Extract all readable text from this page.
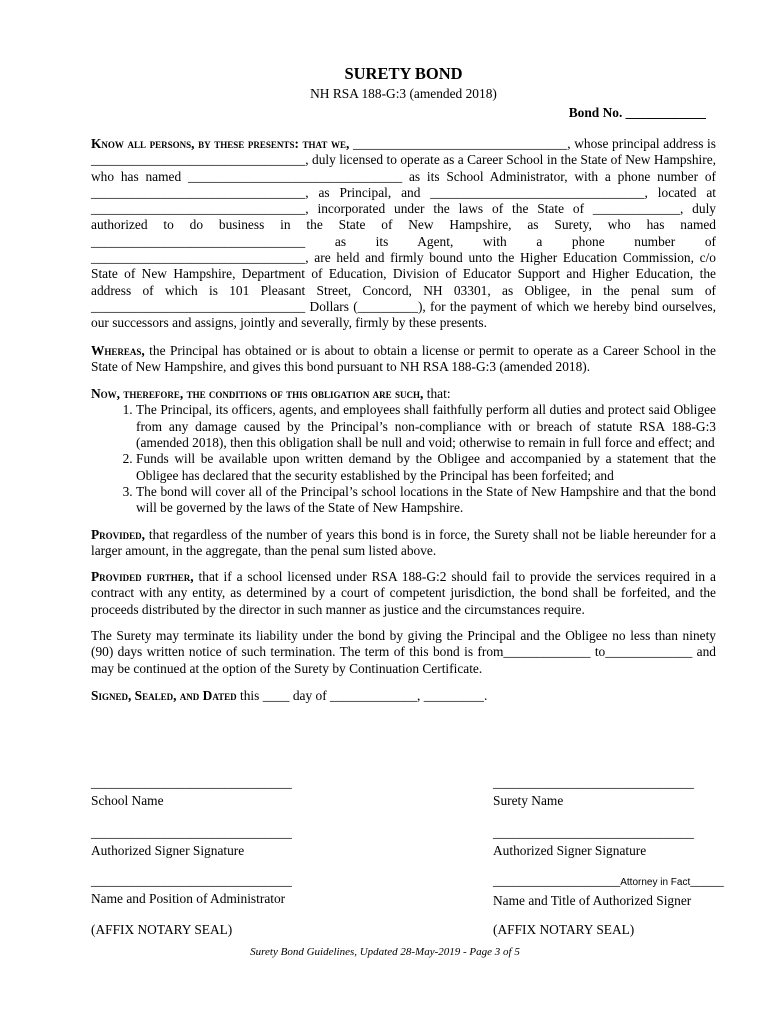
SURETY BOND
NH RSA 188-G:3 (amended 2018)
Bond No. ____________

Know all persons, by these presents: that we, ________________________________, whose principal address is ________________________________, duly licensed to operate as a Career School in the State of New Hampshire, who has named ________________________________ as its School Administrator, with a phone number of ________________________________, as Principal, and ________________________________, located at ________________________________, incorporated under the laws of the State of _____________, duly authorized to do business in the State of New Hampshire, as Surety, who has named ________________________________ as its Agent, with a phone number of ________________________________, are held and firmly bound unto the Higher Education Commission, c/o State of New Hampshire, Department of Education, Division of Educator Support and Higher Education, the address of which is 101 Pleasant Street, Concord, NH 03301, as Obligee, in the penal sum of ________________________________ Dollars (_________), for the payment of which we hereby bind ourselves, our successors and assigns, jointly and severally, firmly by these presents.

Whereas, the Principal has obtained or is about to obtain a license or permit to operate as a Career School in the State of New Hampshire, and gives this bond pursuant to NH RSA 188-G:3 (amended 2018).

Now, therefore, the conditions of this obligation are such, that:

1. The Principal, its officers, agents, and employees shall faithfully perform all duties and protect said Obligee from any damage caused by the Principal’s non-compliance with or breach of statute RSA 188-G:3 (amended 2018), then this obligation shall be null and void; otherwise to remain in full force and effect; and
2. Funds will be available upon written demand by the Obligee and accompanied by a statement that the Obligee has declared that the security established by the Principal has been forfeited; and
3. The bond will cover all of the Principal’s school locations in the State of New Hampshire and that the bond will be governed by the laws of the State of New Hampshire.

Provided, that regardless of the number of years this bond is in force, the Surety shall not be liable hereunder for a larger amount, in the aggregate, than the penal sum listed above.

Provided further, that if a school licensed under RSA 188-G:2 should fail to provide the services required in a contract with any entity, as determined by a court of competent jurisdiction, the bond shall be forfeited, and the proceeds distributed by the director in such manner as justice and the circumstances require.

The Surety may terminate its liability under the bond by giving the Principal and the Obligee no less than ninety (90) days written notice of such termination. The term of this bond is from_____________ to_____________ and may be continued at the option of the Surety by Continuation Certificate.

Signed, Sealed, and Dated this ____ day of _____________, _________.

______________________________
School Name
______________________________
Surety Name
______________________________
Authorized Signer Signature
______________________________
Authorized Signer Signature
______________________________
Name and Position of Administrator
___________________Attorney in Fact_____
Name and Title of Authorized Signer
(AFFIX NOTARY SEAL)	(AFFIX NOTARY SEAL)
Surety Bond Guidelines, Updated 28-May-2019 - Page 3 of 5
